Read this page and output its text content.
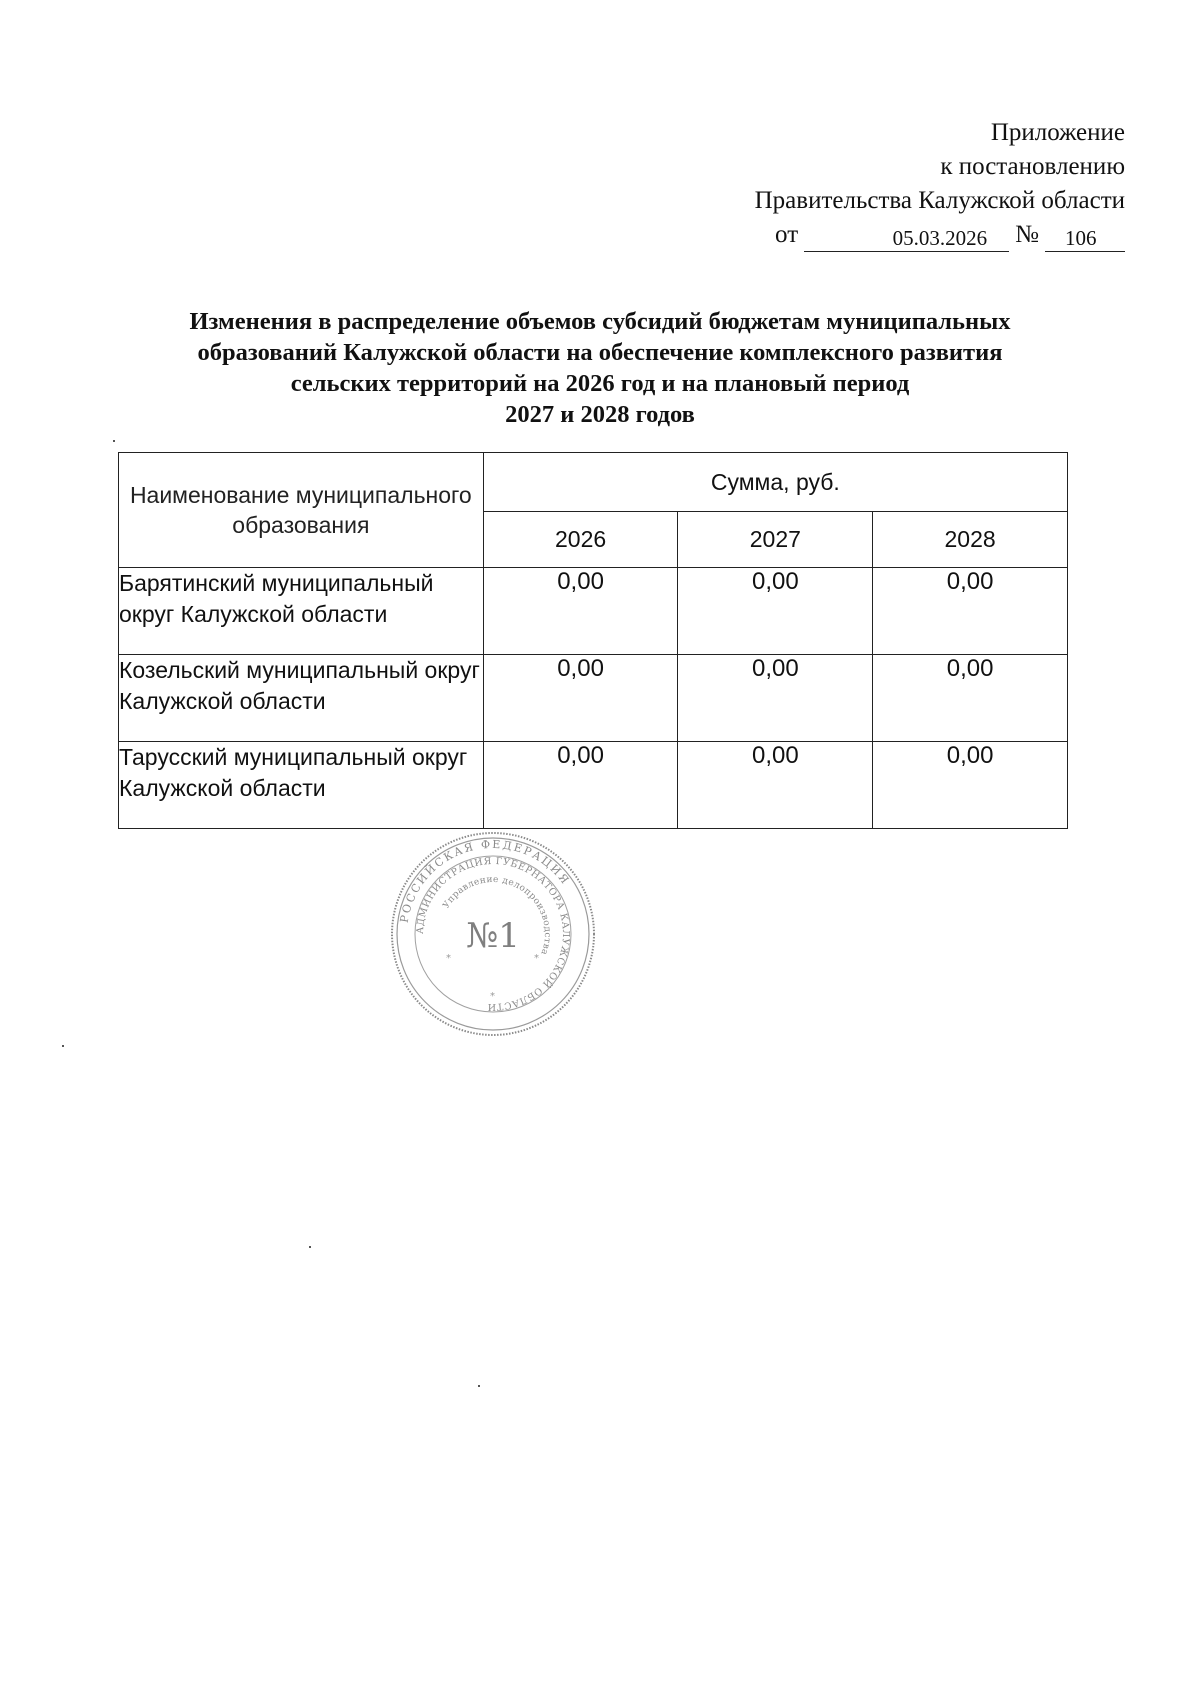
Приложение
к постановлению
Правительства Калужской области
от	05.03.2026	№	106
Изменения в распределение объемов субсидий бюджетам муниципальных
образований Калужской области на обеспечение комплексного развития
сельских территорий на 2026 год и на плановый период
2027 и 2028 годов
Наименование муниципального образования	Сумма, руб.		
	2026	2027	2028
Барятинский муниципальный округ Калужской области	0,00	0,00	0,00
Козельский муниципальный округ Калужской области	0,00	0,00	0,00
Тарусский муниципальный округ Калужской области	0,00	0,00	0,00
РОССИЙСКАЯ ФЕДЕРАЦИЯ
АДМИНИСТРАЦИЯ ГУБЕРНАТОРА КАЛУЖСКОЙ ОБЛАСТИ
Управление делопроизводства
№1
*	*
*
